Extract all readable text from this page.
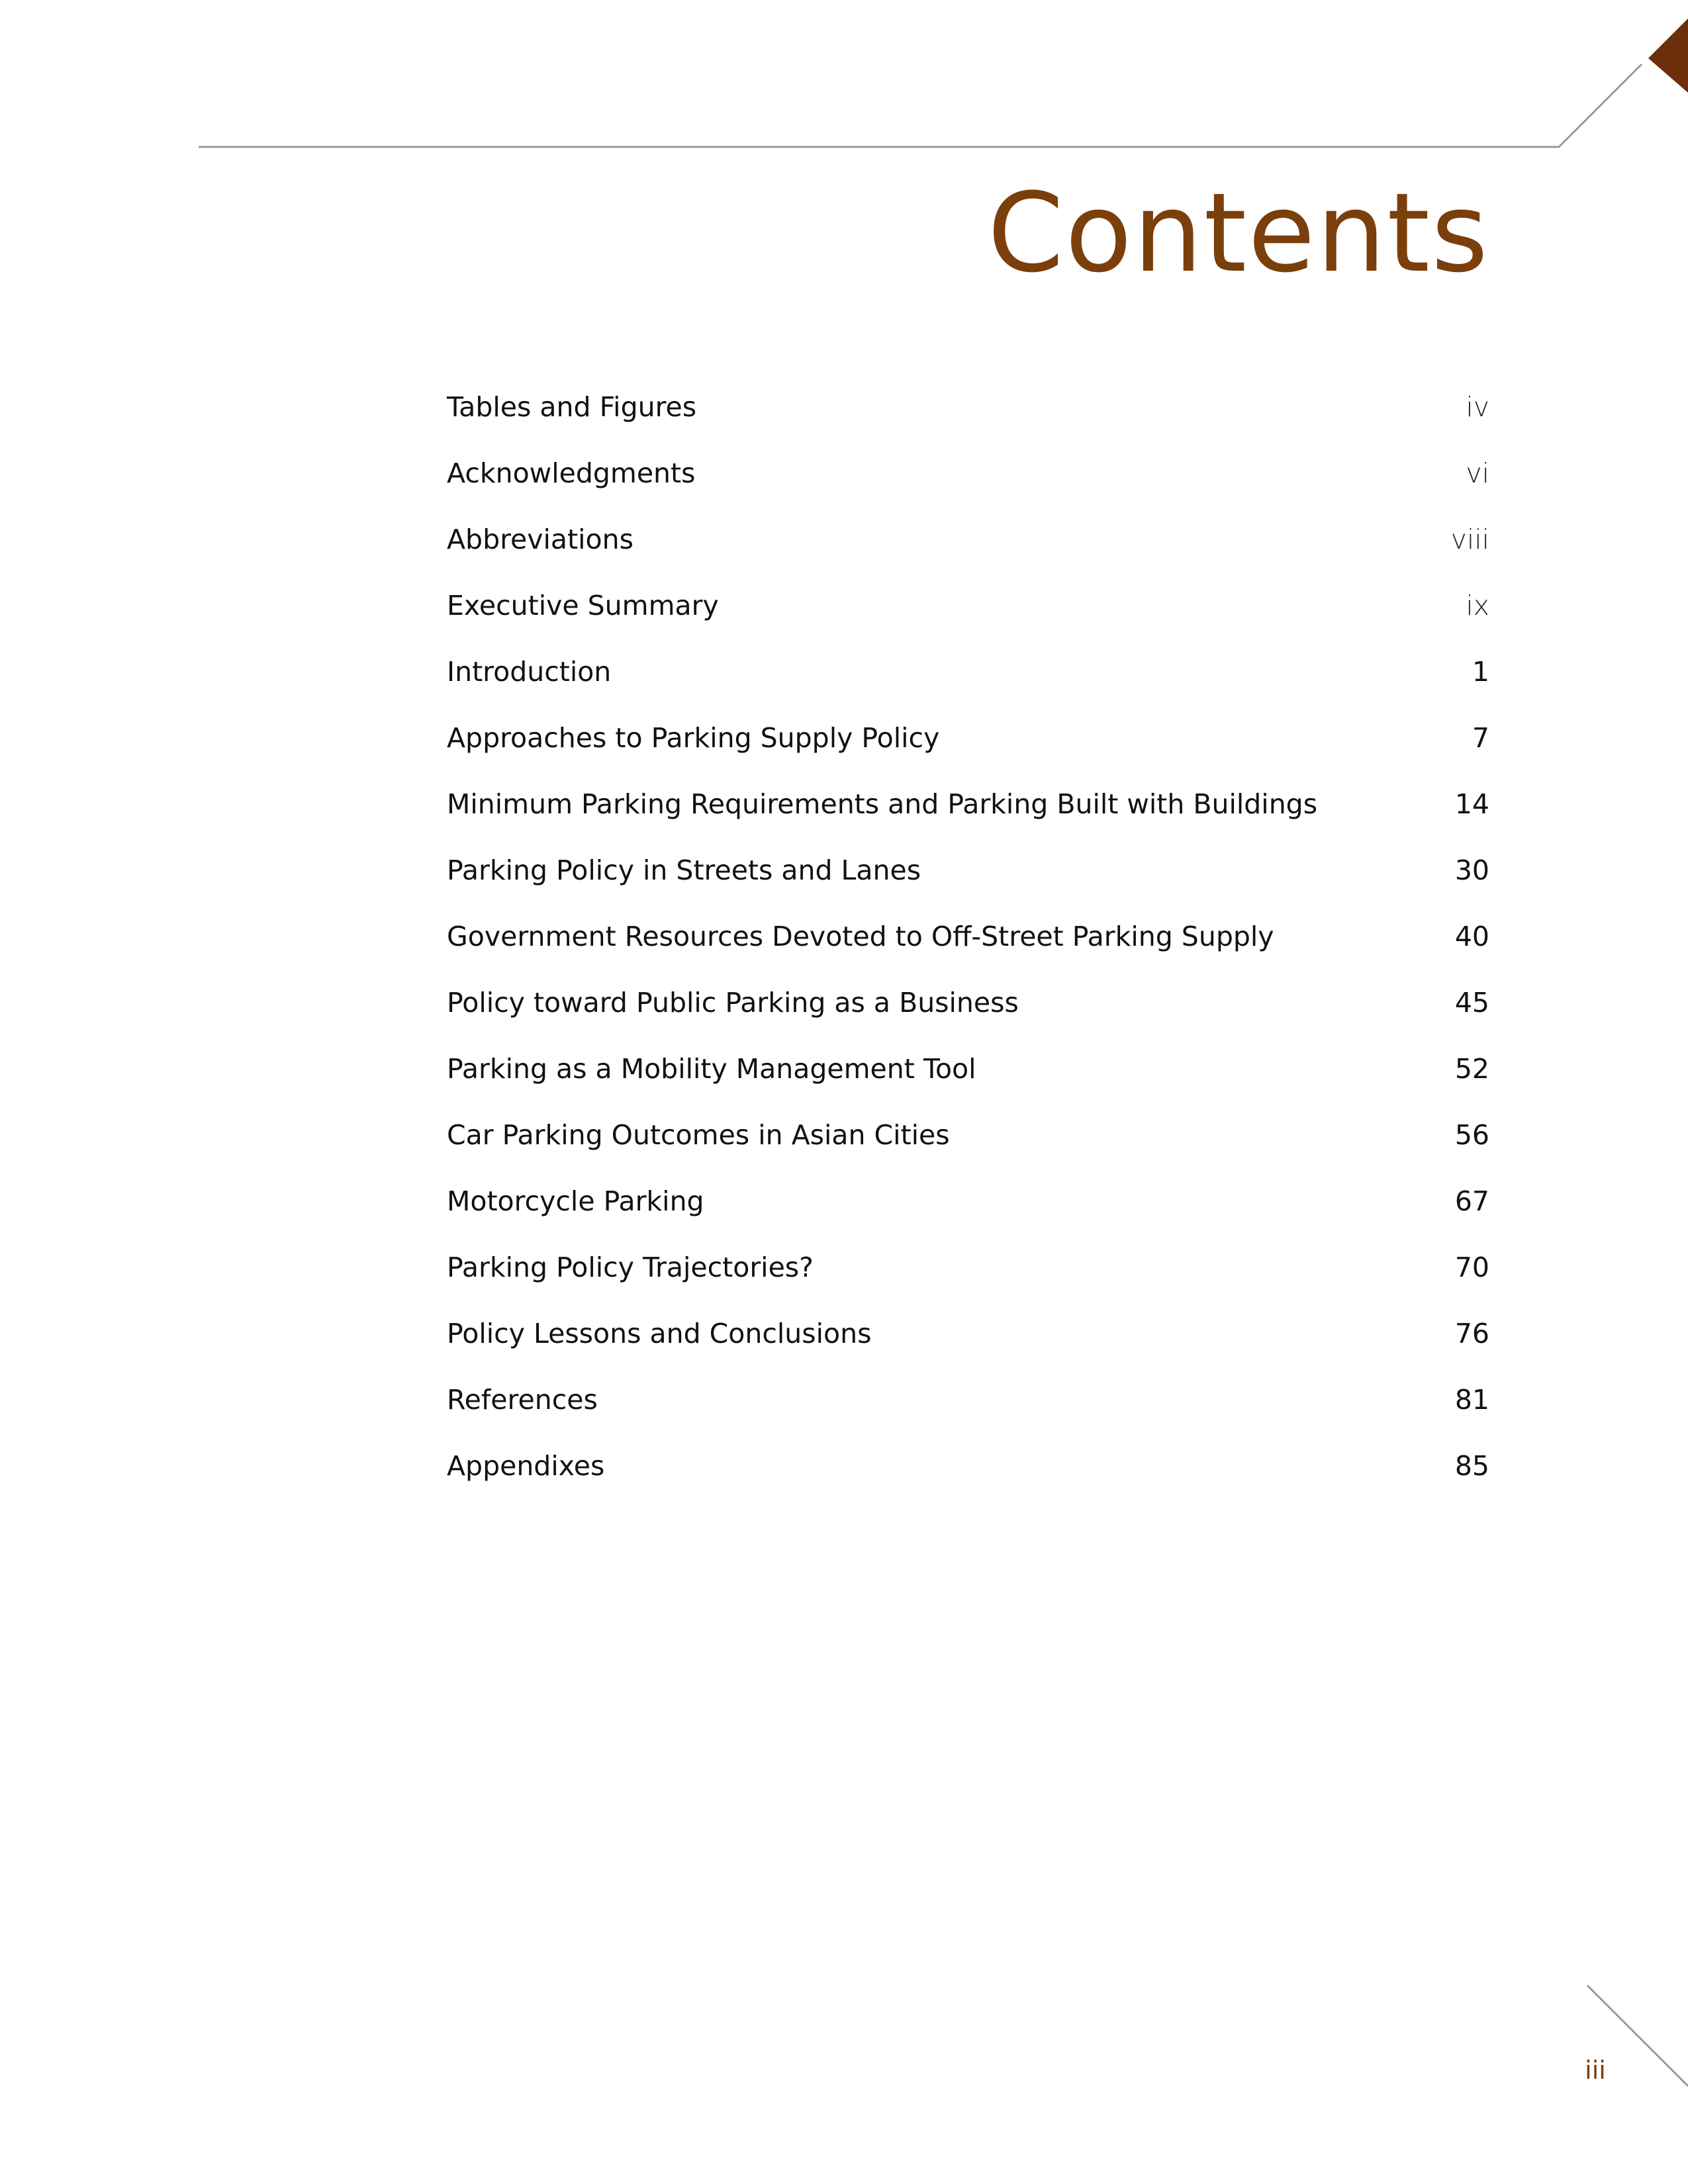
Contents
Tables and Figures	iv
Acknowledgments	vi
Abbreviations	viii
Executive Summary	ix
Introduction	1
Approaches to Parking Supply Policy	7
Minimum Parking Requirements and Parking Built with Buildings	14
Parking Policy in Streets and Lanes	30
Government Resources Devoted to Off-Street Parking Supply	40
Policy toward Public Parking as a Business	45
Parking as a Mobility Management Tool	52
Car Parking Outcomes in Asian Cities	56
Motorcycle Parking	67
Parking Policy Trajectories?	70
Policy Lessons and Conclusions	76
References	81
Appendixes	85
iii
